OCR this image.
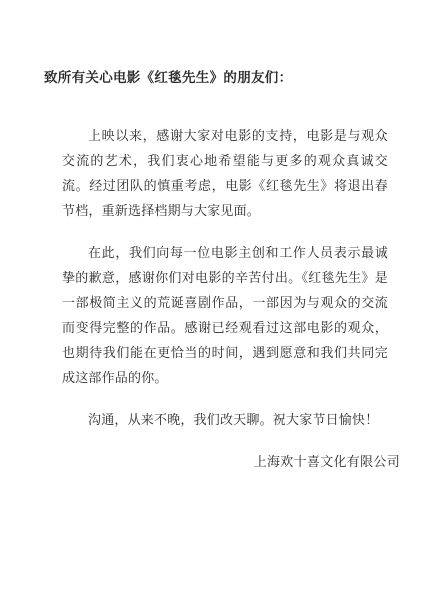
致所有关心电影《红毯先生》的朋友们：

上映以来，感谢大家对电影的支持，电影是与观众交流的艺术，我们衷心地希望能与更多的观众真诚交流。经过团队的慎重考虑，电影《红毯先生》将退出春节档，重新选择档期与大家见面。

在此，我们向每一位电影主创和工作人员表示最诚挚的歉意，感谢你们对电影的辛苦付出。《红毯先生》是一部极简主义的荒诞喜剧作品，一部因为与观众的交流而变得完整的作品。感谢已经观看过这部电影的观众，也期待我们能在更恰当的时间，遇到愿意和我们共同完成这部作品的你。

沟通，从来不晚，我们改天聊。祝大家节日愉快！

上海欢十喜文化有限公司
